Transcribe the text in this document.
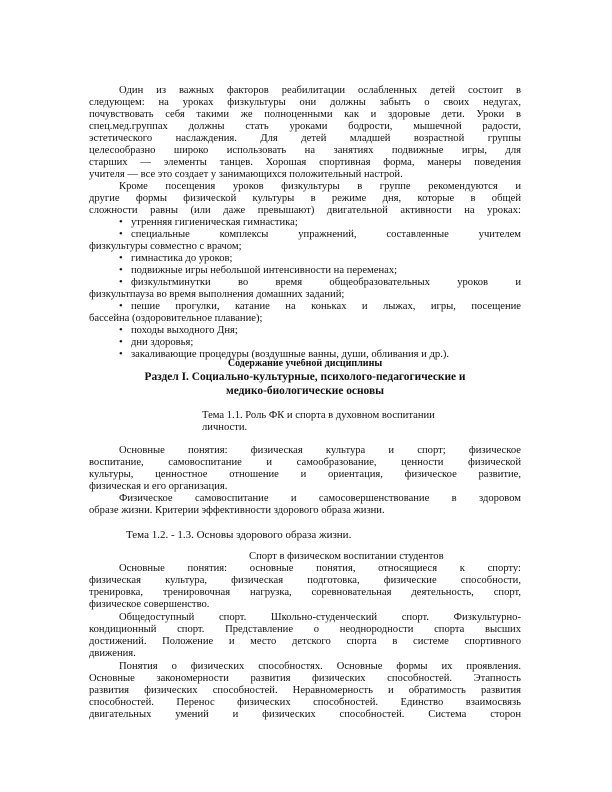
Один из важных факторов реабилитации ослабленных детей состоит в
следующем: на уроках физкультуры они должны забыть о своих недугах,
почувствовать себя такими же полноценными как и здоровые дети. Уроки в
спец.мед.группах должны стать уроками бодрости, мышечной радости,
эстетического наслаждения. Для детей младшей возрастной группы
целесообразно широко использовать на занятиях подвижные игры, для
старших — элементы танцев. Хорошая спортивная форма, манеры поведения
учителя — все это создает у занимающихся положительный настрой.
Кроме посещения уроков физкультуры в группе рекомендуются и
другие формы физической культуры в режиме дня, которые в общей
сложности равны (или даже превышают) двигательной активности на уроках:
• утренняя гигиеническая гимнастика;
• специальные комплексы упражнений, составленные учителем
физкультуры совместно с врачом;
• гимнастика до уроков;
• подвижные игры небольшой интенсивности на переменах;
• физкультминутки во время общеобразовательных уроков и
физкультпауза во время выполнения домашних заданий;
• пешие прогулки, катание на коньках и лыжах, игры, посещение
бассейна (оздоровительное плавание);
• походы выходного Дня;
• дни здоровья;
• закаливающие процедуры (воздушные ванны, души, обливания и др.).
Содержание учебной дисциплины
Раздел I. Социально-культурные, психолого-педагогические и
медико-биологические основы
Тема 1.1. Роль ФК и спорта в духовном воспитании
личности.
Основные понятия: физическая культура и спорт; физическое
воспитание, самовоспитание и самообразование, ценности физической
культуры, ценностное отношение и ориентация, физическое развитие,
физическая и его организация.
Физическое самовоспитание и самосовершенствование в здоровом
образе жизни. Критерии эффективности здорового образа жизни.
Тема 1.2. - 1.3. Основы здорового образа жизни.
Спорт в физическом воспитании студентов
Основные понятия: основные понятия, относящиеся к спорту:
физическая культура, физическая подготовка, физические способности,
тренировка, тренировочная нагрузка, соревновательная деятельность, спорт,
физическое совершенство.
Общедоступный спорт. Школьно-студенческий спорт. Физкультурно-
кондиционный спорт. Представление о неоднородности спорта высших
достижений. Положение и место детского спорта в системе спортивного
движения.
Понятия о физических способностях. Основные формы их проявления.
Основные закономерности развития физических способностей. Этапность
развития физических способностей. Неравномерность и обратимость развития
способностей. Перенос физических способностей. Единство взаимосвязь
двигательных умений и физических способностей. Система сторон
